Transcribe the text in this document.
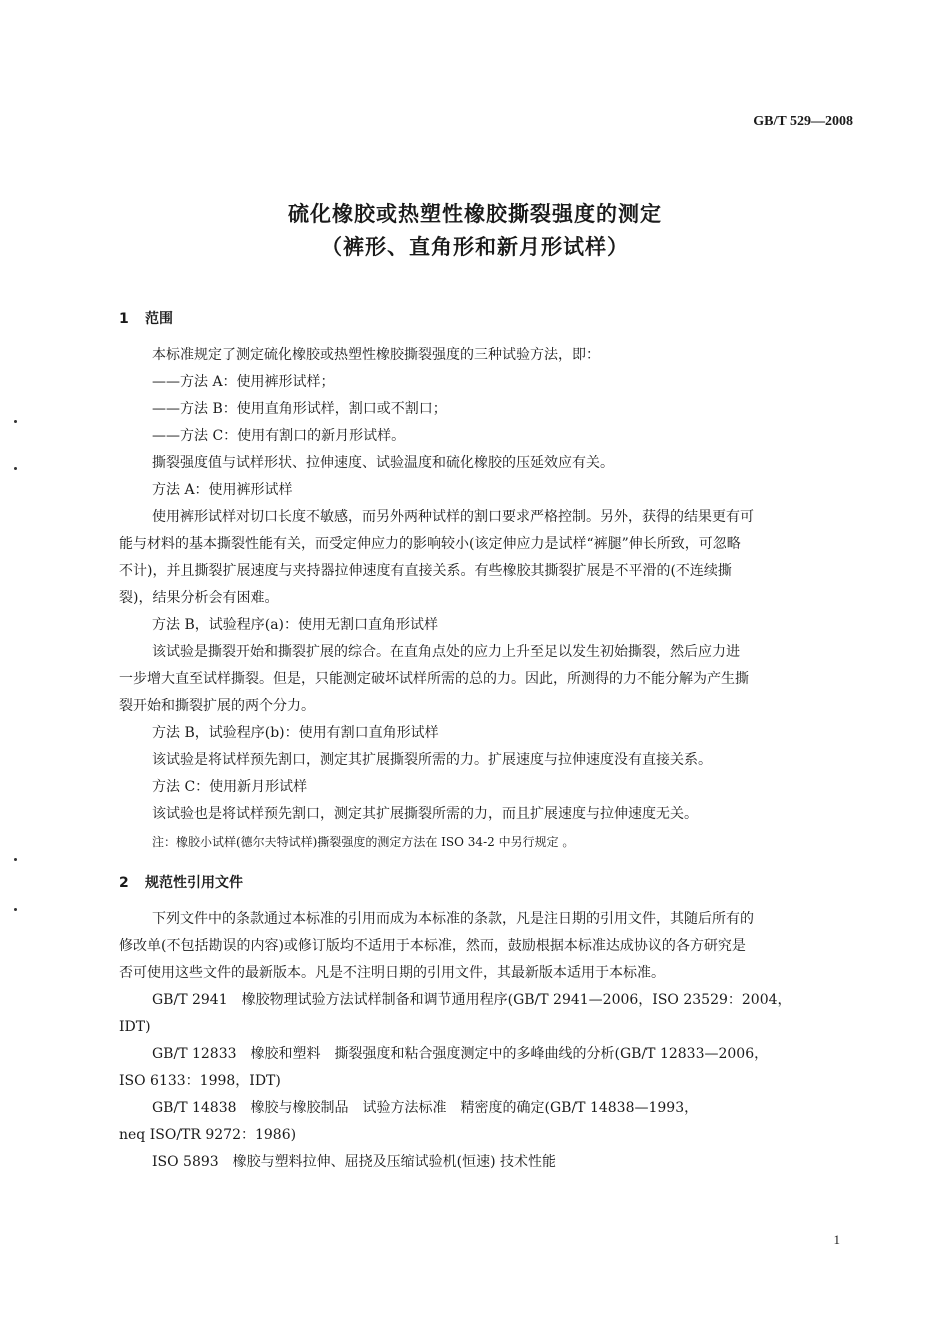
GB/T 529—2008
硫化橡胶或热塑性橡胶撕裂强度的测定
（裤形、直角形和新月形试样）
1 范围
本标准规定了测定硫化橡胶或热塑性橡胶撕裂强度的三种试验方法，即：
——方法 A：使用裤形试样；
——方法 B：使用直角形试样，割口或不割口；
——方法 C：使用有割口的新月形试样。
撕裂强度值与试样形状、拉伸速度、试验温度和硫化橡胶的压延效应有关。
方法 A：使用裤形试样
使用裤形试样对切口长度不敏感，而另外两种试样的割口要求严格控制。另外，获得的结果更有可
能与材料的基本撕裂性能有关，而受定伸应力的影响较小(该定伸应力是试样“裤腿”伸长所致，可忽略
不计)，并且撕裂扩展速度与夹持器拉伸速度有直接关系。有些橡胶其撕裂扩展是不平滑的(不连续撕
裂)，结果分析会有困难。
方法 B，试验程序(a)：使用无割口直角形试样
该试验是撕裂开始和撕裂扩展的综合。在直角点处的应力上升至足以发生初始撕裂，然后应力进
一步增大直至试样撕裂。但是，只能测定破坏试样所需的总的力。因此，所测得的力不能分解为产生撕
裂开始和撕裂扩展的两个分力。
方法 B，试验程序(b)：使用有割口直角形试样
该试验是将试样预先割口，测定其扩展撕裂所需的力。扩展速度与拉伸速度没有直接关系。
方法 C：使用新月形试样
该试验也是将试样预先割口，测定其扩展撕裂所需的力，而且扩展速度与拉伸速度无关。
注：橡胶小试样(德尔夫特试样)撕裂强度的测定方法在 ISO 34-2 中另行规定 。
2 规范性引用文件
下列文件中的条款通过本标准的引用而成为本标准的条款，凡是注日期的引用文件，其随后所有的
修改单(不包括勘误的内容)或修订版均不适用于本标准，然而，鼓励根据本标准达成协议的各方研究是
否可使用这些文件的最新版本。凡是不注明日期的引用文件，其最新版本适用于本标准。
GB/T 2941　橡胶物理试验方法试样制备和调节通用程序(GB/T 2941—2006，ISO 23529：2004，
IDT)
GB/T 12833　橡胶和塑料　撕裂强度和粘合强度测定中的多峰曲线的分析(GB/T 12833—2006，
ISO 6133：1998，IDT)
GB/T 14838　橡胶与橡胶制品　试验方法标准　精密度的确定(GB/T 14838—1993，
neq ISO/TR 9272：1986)
ISO 5893　橡胶与塑料拉伸、屈挠及压缩试验机(恒速) 技术性能
1
